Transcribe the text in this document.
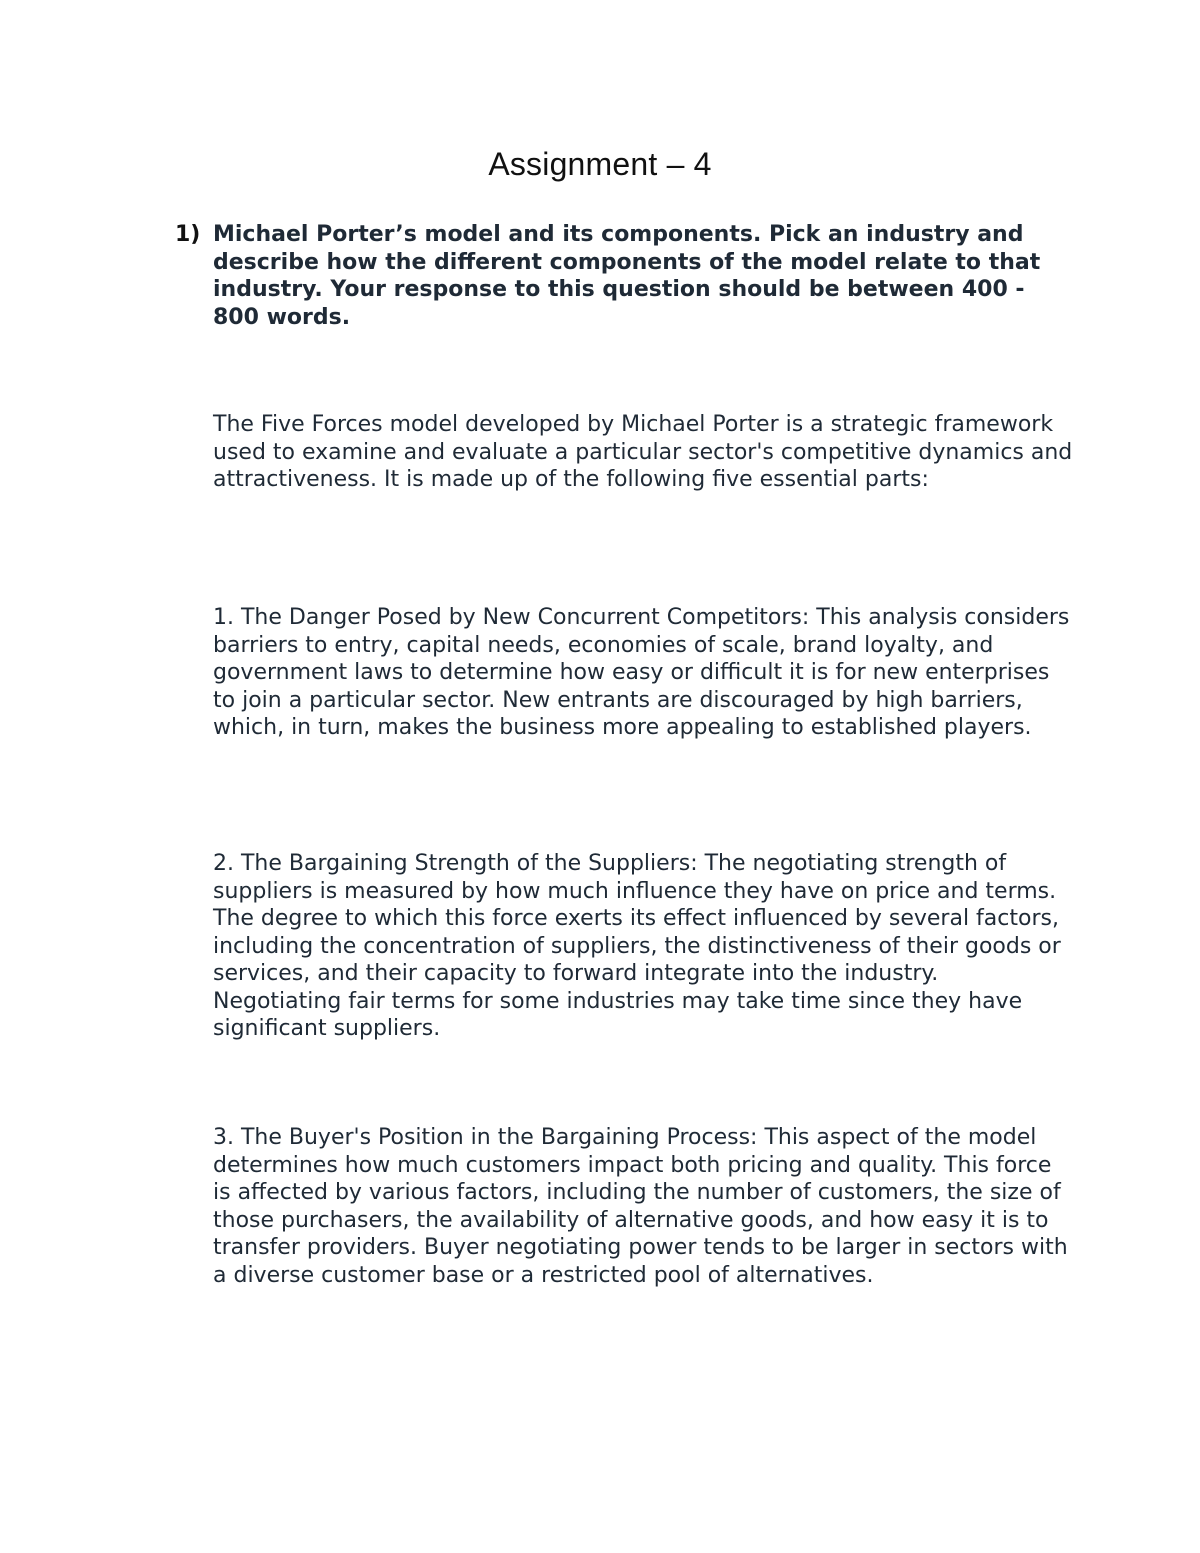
Assignment – 4
1) Michael Porter’s model and its components. Pick an industry and describe how the different components of the model relate to that industry. Your response to this question should be between 400 - 800 words.

The Five Forces model developed by Michael Porter is a strategic framework used to examine and evaluate a particular sector's competitive dynamics and attractiveness. It is made up of the following five essential parts:

1. The Danger Posed by New Concurrent Competitors: This analysis considers barriers to entry, capital needs, economies of scale, brand loyalty, and government laws to determine how easy or difficult it is for new enterprises to join a particular sector. New entrants are discouraged by high barriers, which, in turn, makes the business more appealing to established players.

2. The Bargaining Strength of the Suppliers: The negotiating strength of suppliers is measured by how much influence they have on price and terms. The degree to which this force exerts its effect influenced by several factors, including the concentration of suppliers, the distinctiveness of their goods or services, and their capacity to forward integrate into the industry. Negotiating fair terms for some industries may take time since they have significant suppliers.

3. The Buyer's Position in the Bargaining Process: This aspect of the model determines how much customers impact both pricing and quality. This force is affected by various factors, including the number of customers, the size of those purchasers, the availability of alternative goods, and how easy it is to transfer providers. Buyer negotiating power tends to be larger in sectors with a diverse customer base or a restricted pool of alternatives.
